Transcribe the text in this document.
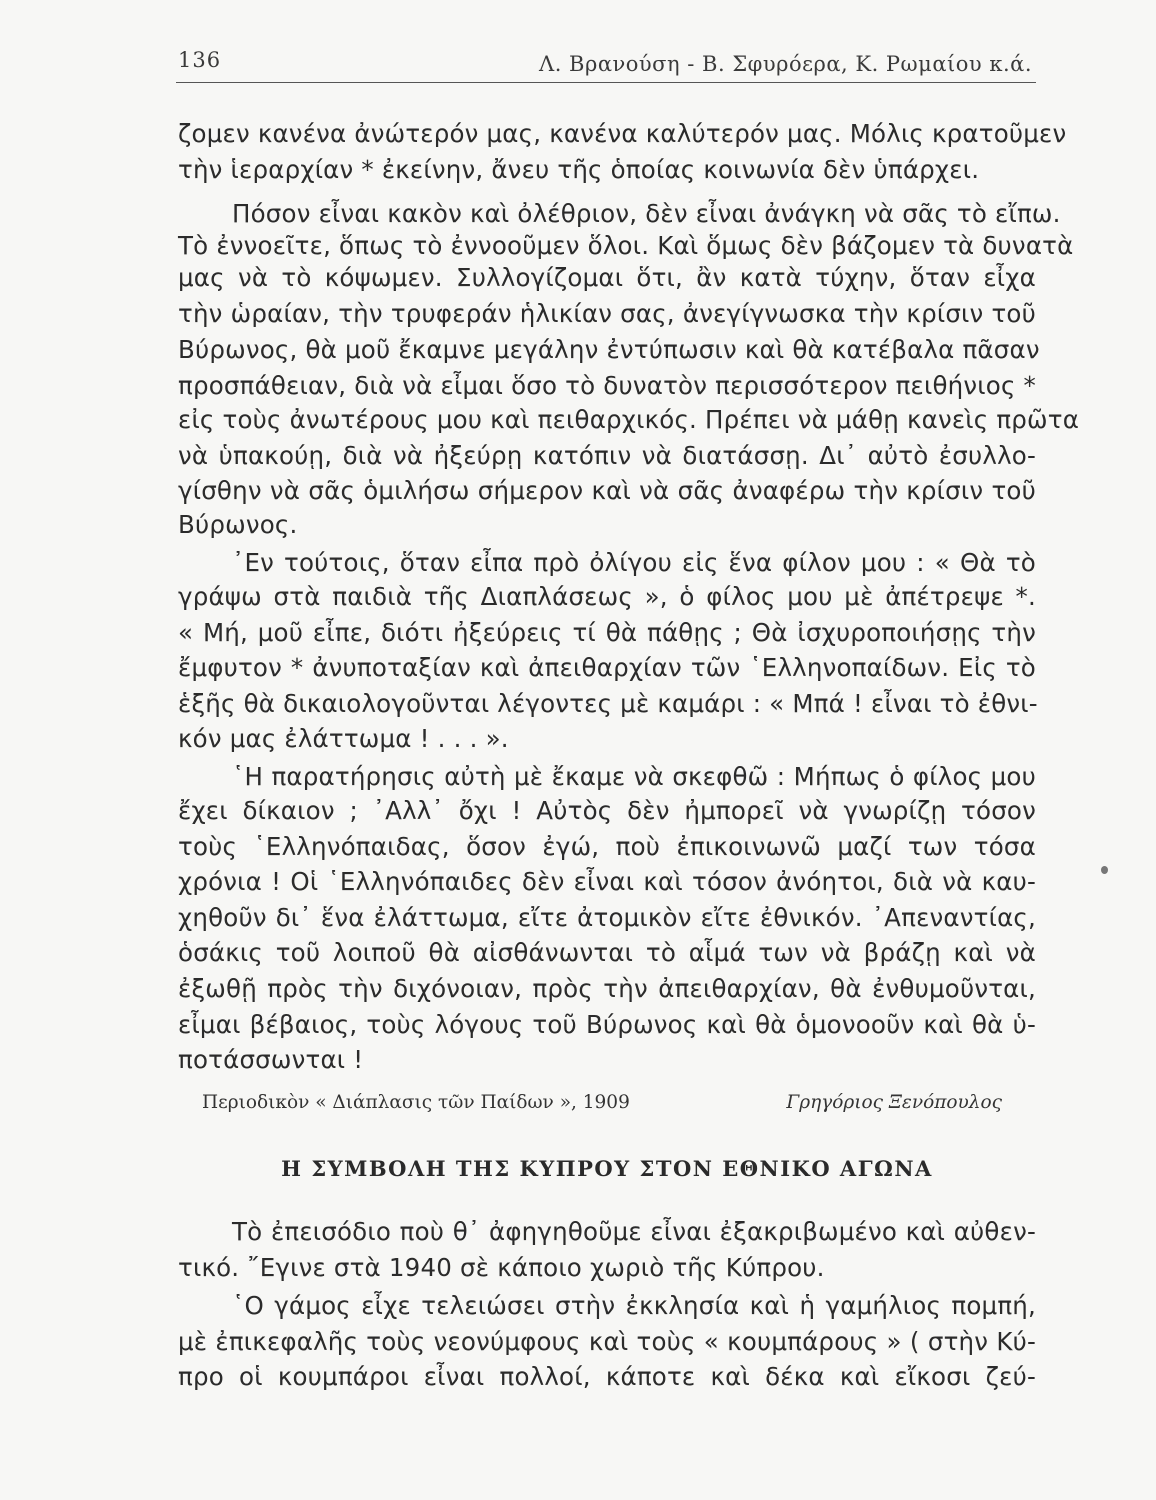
136	Λ. Βρανούση - Β. Σφυρόερα, Κ. Ρωμαίου κ.ά.
ζομεν κανένα ἀνώτερόν μας, κανένα καλύτερόν μας. Μόλις κρατοῦμεν
τὴν ἱεραρχίαν * ἐκείνην, ἄνευ τῆς ὁποίας κοινωνία δὲν ὑπάρχει.
Πόσον εἶναι κακὸν καὶ ὀλέθριον, δὲν εἶναι ἀνάγκη νὰ σᾶς τὸ εἴπω.
Τὸ ἐννοεῖτε, ὅπως τὸ ἐννοοῦμεν ὅλοι. Καὶ ὅμως δὲν βάζομεν τὰ δυνατὰ
μας νὰ τὸ κόψωμεν. Συλλογίζομαι ὅτι, ἂν κατὰ τύχην, ὅταν εἶχα
τὴν ὡραίαν, τὴν τρυφεράν ἡλικίαν σας, ἀνεγίγνωσκα τὴν κρίσιν τοῦ
Βύρωνος, θὰ μοῦ ἔκαμνε μεγάλην ἐντύπωσιν καὶ θὰ κατέβαλα πᾶσαν
προσπάθειαν, διὰ νὰ εἶμαι ὅσο τὸ δυνατὸν περισσότερον πειθήνιος *
εἰς τοὺς ἀνωτέρους μου καὶ πειθαρχικός. Πρέπει νὰ μάθῃ κανεὶς πρῶτα
νὰ ὑπακούῃ, διὰ νὰ ἠξεύρῃ κατόπιν νὰ διατάσσῃ. Δι᾽ αὐτὸ ἐσυλλο-
γίσθην νὰ σᾶς ὁμιλήσω σήμερον καὶ νὰ σᾶς ἀναφέρω τὴν κρίσιν τοῦ
Βύρωνος.
᾽Εν τούτοις, ὅταν εἶπα πρὸ ὀλίγου εἰς ἕνα φίλον μου : « Θὰ τὸ
γράψω στὰ παιδιὰ τῆς Διαπλάσεως », ὁ φίλος μου μὲ ἀπέτρεψε *.
« Μή, μοῦ εἶπε, διότι ἠξεύρεις τί θὰ πάθῃς ; Θὰ ἰσχυροποιήσῃς τὴν
ἔμφυτον * ἀνυποταξίαν καὶ ἀπειθαρχίαν τῶν ῾Ελληνοπαίδων. Εἰς τὸ
ἑξῆς θὰ δικαιολογοῦνται λέγοντες μὲ καμάρι : « Μπά ! εἶναι τὸ ἐθνι-
κόν μας ἐλάττωμα ! . . . ».
῾Η παρατήρησις αὐτὴ μὲ ἔκαμε νὰ σκεφθῶ : Μήπως ὁ φίλος μου
ἔχει δίκαιον ; ᾽Αλλ᾽ ὄχι ! Αὐτὸς δὲν ἠμπορεῖ νὰ γνωρίζῃ τόσον
τοὺς ῾Ελληνόπαιδας, ὅσον ἐγώ, ποὺ ἐπικοινωνῶ μαζί των τόσα
χρόνια ! Οἱ ῾Ελληνόπαιδες δὲν εἶναι καὶ τόσον ἀνόητοι, διὰ νὰ καυ-
χηθοῦν δι᾽ ἕνα ἐλάττωμα, εἴτε ἀτομικὸν εἴτε ἐθνικόν. ᾽Απεναντίας,
ὁσάκις τοῦ λοιποῦ θὰ αἰσθάνωνται τὸ αἷμά των νὰ βράζῃ καὶ νὰ
ἐξωθῇ πρὸς τὴν διχόνοιαν, πρὸς τὴν ἀπειθαρχίαν, θὰ ἐνθυμοῦνται,
εἶμαι βέβαιος, τοὺς λόγους τοῦ Βύρωνος καὶ θὰ ὁμονοοῦν καὶ θὰ ὑ-
ποτάσσωνται !
Περιοδικὸν « Διάπλασις τῶν Παίδων », 1909	Γρηγόριος Ξενόπουλος
Η ΣΥΜΒΟΛΗ ΤΗΣ ΚΥΠΡΟΥ ΣΤΟΝ ΕΘΝΙΚΟ ΑΓΩΝΑ
Τὸ ἐπεισόδιο ποὺ θ᾽ ἀφηγηθοῦμε εἶναι ἐξακριβωμένο καὶ αὐθεν-
τικό. ῎Εγινε στὰ 1940 σὲ κάποιο χωριὸ τῆς Κύπρου.
῾Ο γάμος εἶχε τελειώσει στὴν ἐκκλησία καὶ ἡ γαμήλιος πομπή,
μὲ ἐπικεφαλῆς τοὺς νεονύμφους καὶ τοὺς « κουμπάρους » ( στὴν Κύ-
προ οἱ κουμπάροι εἶναι πολλοί, κάποτε καὶ δέκα καὶ εἴκοσι ζεύ-
